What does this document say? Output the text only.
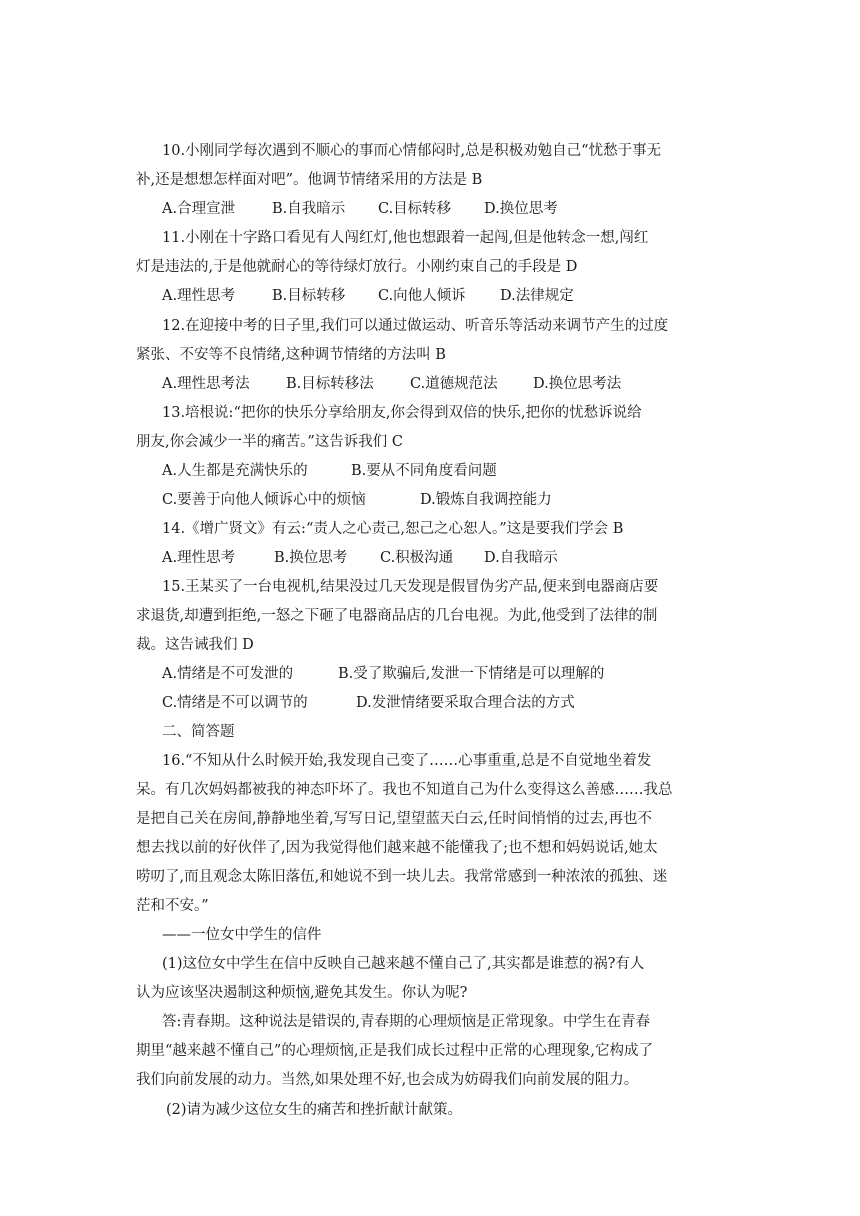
10.小刚同学每次遇到不顺心的事而心情郁闷时,总是积极劝勉自己“忧愁于事无
补,还是想想怎样面对吧”。他调节情绪采用的方法是 B
A.合理宣泄	B.自我暗示 C.目标转移 D.换位思考
11.小刚在十字路口看见有人闯红灯,他也想跟着一起闯,但是他转念一想,闯红
灯是违法的,于是他就耐心的等待绿灯放行。小刚约束自己的手段是 D
A.理性思考	B.目标转移 C.向他人倾诉 D.法律规定
12.在迎接中考的日子里,我们可以通过做运动、听音乐等活动来调节产生的过度
紧张、不安等不良情绪,这种调节情绪的方法叫 B
A.理性思考法	B.目标转移法 C.道德规范法 D.换位思考法
13.培根说:“把你的快乐分享给朋友,你会得到双倍的快乐,把你的忧愁诉说给
朋友,你会减少一半的痛苦。”这告诉我们 C
A.人生都是充满快乐的	B.要从不同角度看问题
C.要善于向他人倾诉心中的烦恼	D.锻炼自我调控能力
14.《增广贤文》有云:“责人之心责己,恕己之心恕人。”这是要我们学会 B
A.理性思考	B.换位思考 C.积极沟通 D.自我暗示
15.王某买了一台电视机,结果没过几天发现是假冒伪劣产品,便来到电器商店要
求退货,却遭到拒绝,一怒之下砸了电器商品店的几台电视。为此,他受到了法律的制
裁。这告诫我们 D
A.情绪是不可发泄的	B.受了欺骗后,发泄一下情绪是可以理解的
C.情绪是不可以调节的	D.发泄情绪要采取合理合法的方式
二、简答题
16.“不知从什么时候开始,我发现自己变了……心事重重,总是不自觉地坐着发
呆。有几次妈妈都被我的神态吓坏了。我也不知道自己为什么变得这么善感……我总
是把自己关在房间,静静地坐着,写写日记,望望蓝天白云,任时间悄悄的过去,再也不
想去找以前的好伙伴了,因为我觉得他们越来越不能懂我了;也不想和妈妈说话,她太
唠叨了,而且观念太陈旧落伍,和她说不到一块儿去。我常常感到一种浓浓的孤独、迷
茫和不安。”
——一位女中学生的信件
(1)这位女中学生在信中反映自己越来越不懂自己了,其实都是谁惹的祸?有人
认为应该坚决遏制这种烦恼,避免其发生。你认为呢?
答:青春期。这种说法是错误的,青春期的心理烦恼是正常现象。中学生在青春
期里“越来越不懂自己”的心理烦恼,正是我们成长过程中正常的心理现象,它构成了
我们向前发展的动力。当然,如果处理不好,也会成为妨碍我们向前发展的阻力。
(2)请为减少这位女生的痛苦和挫折献计献策。
